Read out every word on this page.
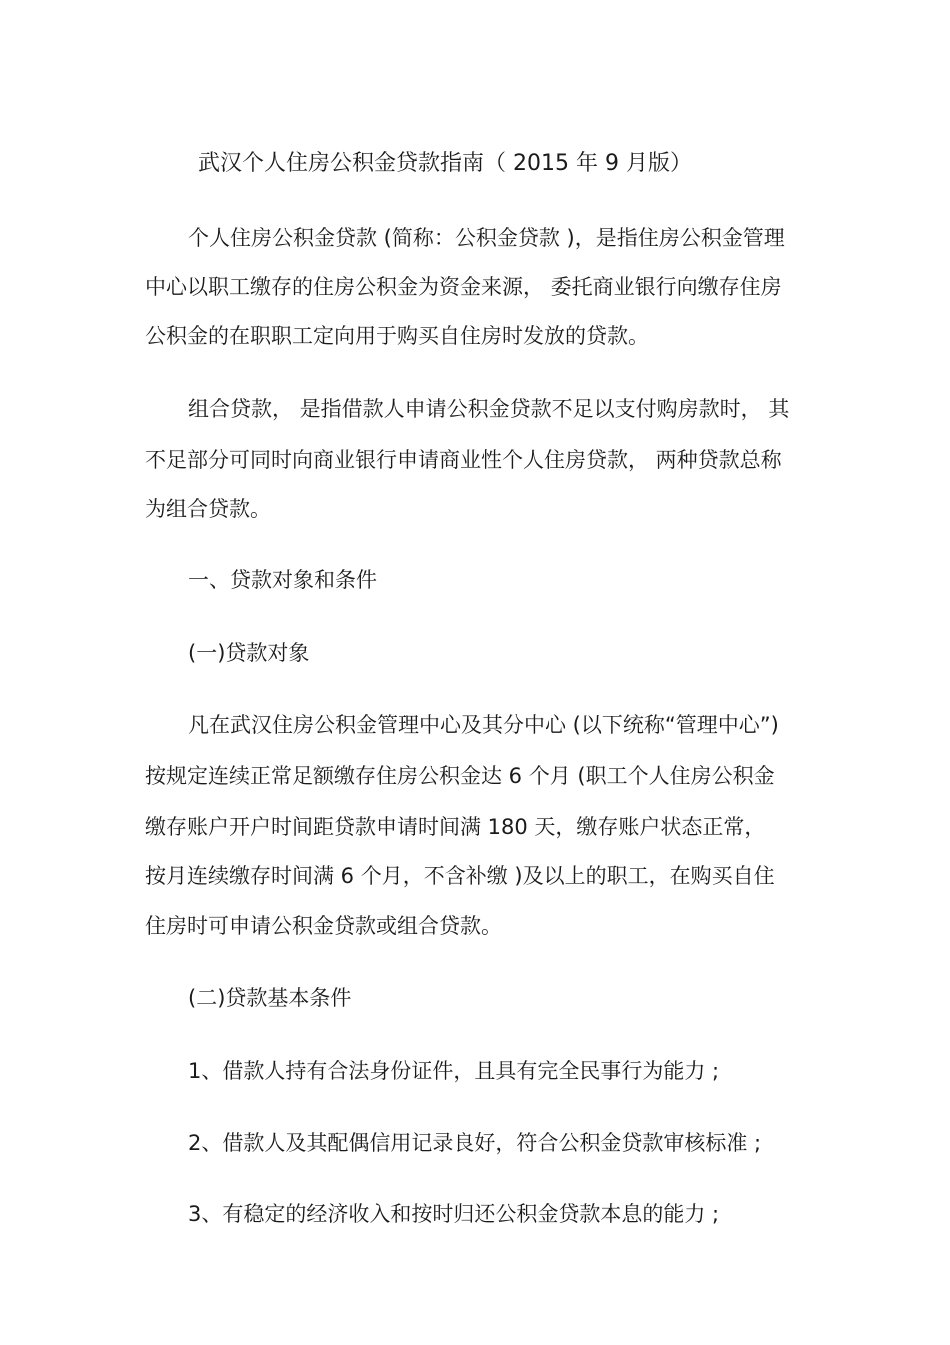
武汉个人住房公积金贷款指南（ 2015 年 9 月版）
个人住房公积金贷款 (简称：公积金贷款 )，是指住房公积金管理
中心以职工缴存的住房公积金为资金来源， 委托商业银行向缴存住房
公积金的在职职工定向用于购买自住房时发放的贷款。
组合贷款， 是指借款人申请公积金贷款不足以支付购房款时， 其
不足部分可同时向商业银行申请商业性个人住房贷款， 两种贷款总称
为组合贷款。
一、贷款对象和条件
(一)贷款对象
凡在武汉住房公积金管理中心及其分中心 (以下统称“管理中心”)
按规定连续正常足额缴存住房公积金达 6 个月 (职工个人住房公积金
缴存账户开户时间距贷款申请时间满 180 天，缴存账户状态正常，
按月连续缴存时间满 6 个月，不含补缴 )及以上的职工，在购买自住
住房时可申请公积金贷款或组合贷款。
(二)贷款基本条件
1、借款人持有合法身份证件，且具有完全民事行为能力 ;
2、借款人及其配偶信用记录良好，符合公积金贷款审核标准 ;
3、有稳定的经济收入和按时归还公积金贷款本息的能力 ;
